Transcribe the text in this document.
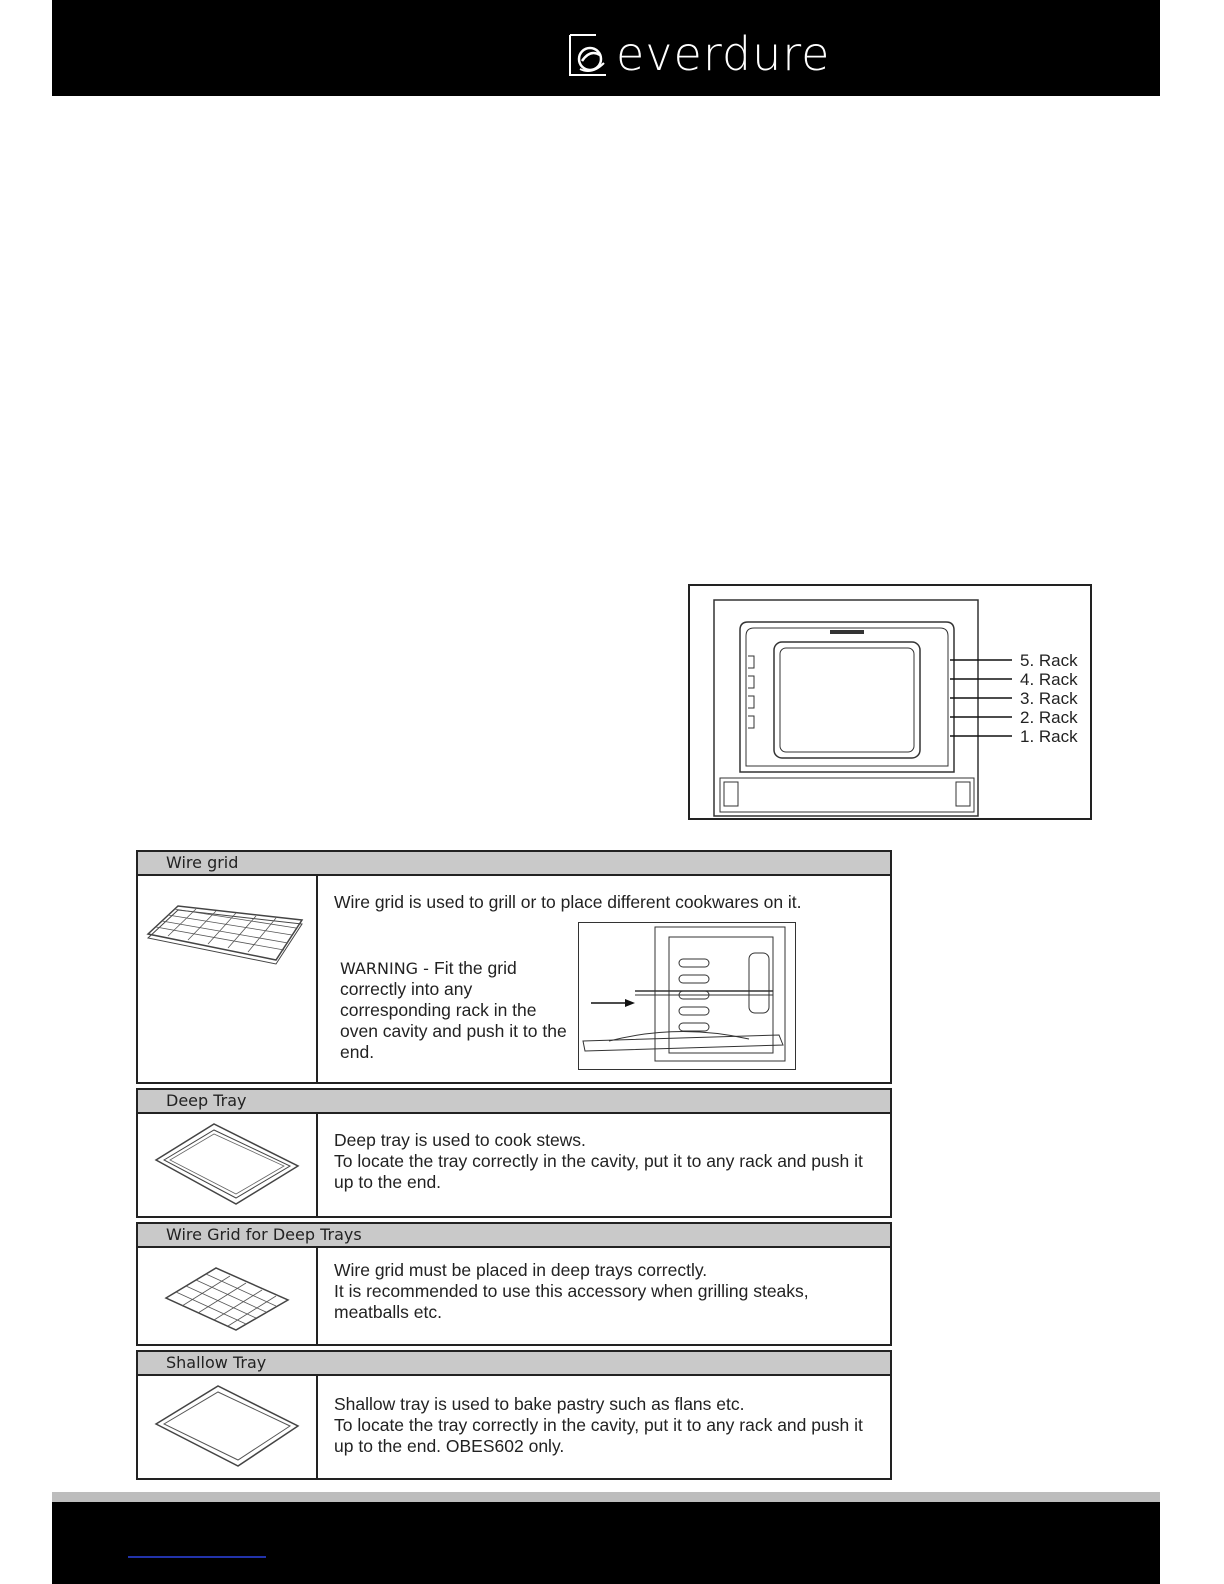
everdure
5. Rack
4. Rack
3. Rack
2. Rack
1. Rack
Wire grid
Wire grid is used to grill or to place different cookwares on it.
WARNING - Fit the grid correctly into any corresponding rack in the oven cavity and push it to the end.
Deep Tray
Deep tray is used to cook stews.
To locate the tray correctly in the cavity, put it to any rack and push it up to the end.
Wire Grid for Deep Trays
Wire grid must be placed in deep trays correctly.
It is recommended to use this accessory when grilling steaks, meatballs etc.
Shallow Tray
Shallow tray is used to bake pastry such as flans etc.
To locate the tray correctly in the cavity, put it to any rack and push it up to the end. OBES602 only.
